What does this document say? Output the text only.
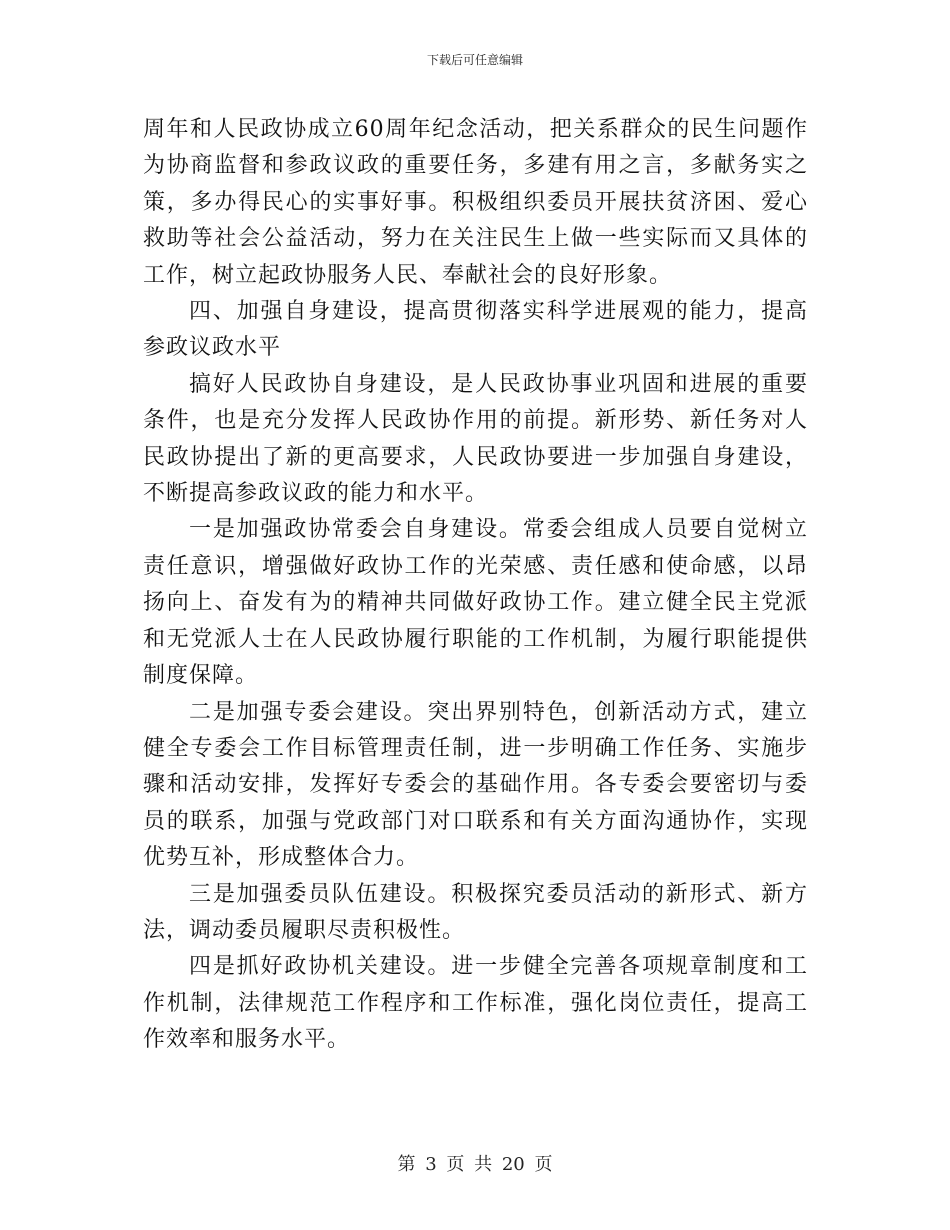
下载后可任意编辑

周年和人民政协成立60周年纪念活动，把关系群众的民生问题作为协商监督和参政议政的重要任务，多建有用之言，多献务实之策，多办得民心的实事好事。积极组织委员开展扶贫济困、爱心救助等社会公益活动，努力在关注民生上做一些实际而又具体的工作，树立起政协服务人民、奉献社会的良好形象。

四、加强自身建设，提高贯彻落实科学进展观的能力，提高参政议政水平

搞好人民政协自身建设，是人民政协事业巩固和进展的重要条件，也是充分发挥人民政协作用的前提。新形势、新任务对人民政协提出了新的更高要求，人民政协要进一步加强自身建设，不断提高参政议政的能力和水平。

一是加强政协常委会自身建设。常委会组成人员要自觉树立责任意识，增强做好政协工作的光荣感、责任感和使命感，以昂扬向上、奋发有为的精神共同做好政协工作。建立健全民主党派和无党派人士在人民政协履行职能的工作机制，为履行职能提供制度保障。

二是加强专委会建设。突出界别特色，创新活动方式，建立健全专委会工作目标管理责任制，进一步明确工作任务、实施步骤和活动安排，发挥好专委会的基础作用。各专委会要密切与委员的联系，加强与党政部门对口联系和有关方面沟通协作，实现优势互补，形成整体合力。

三是加强委员队伍建设。积极探究委员活动的新形式、新方法，调动委员履职尽责积极性。

四是抓好政协机关建设。进一步健全完善各项规章制度和工作机制，法律规范工作程序和工作标准，强化岗位责任，提高工作效率和服务水平。

第 3 页 共 20 页
